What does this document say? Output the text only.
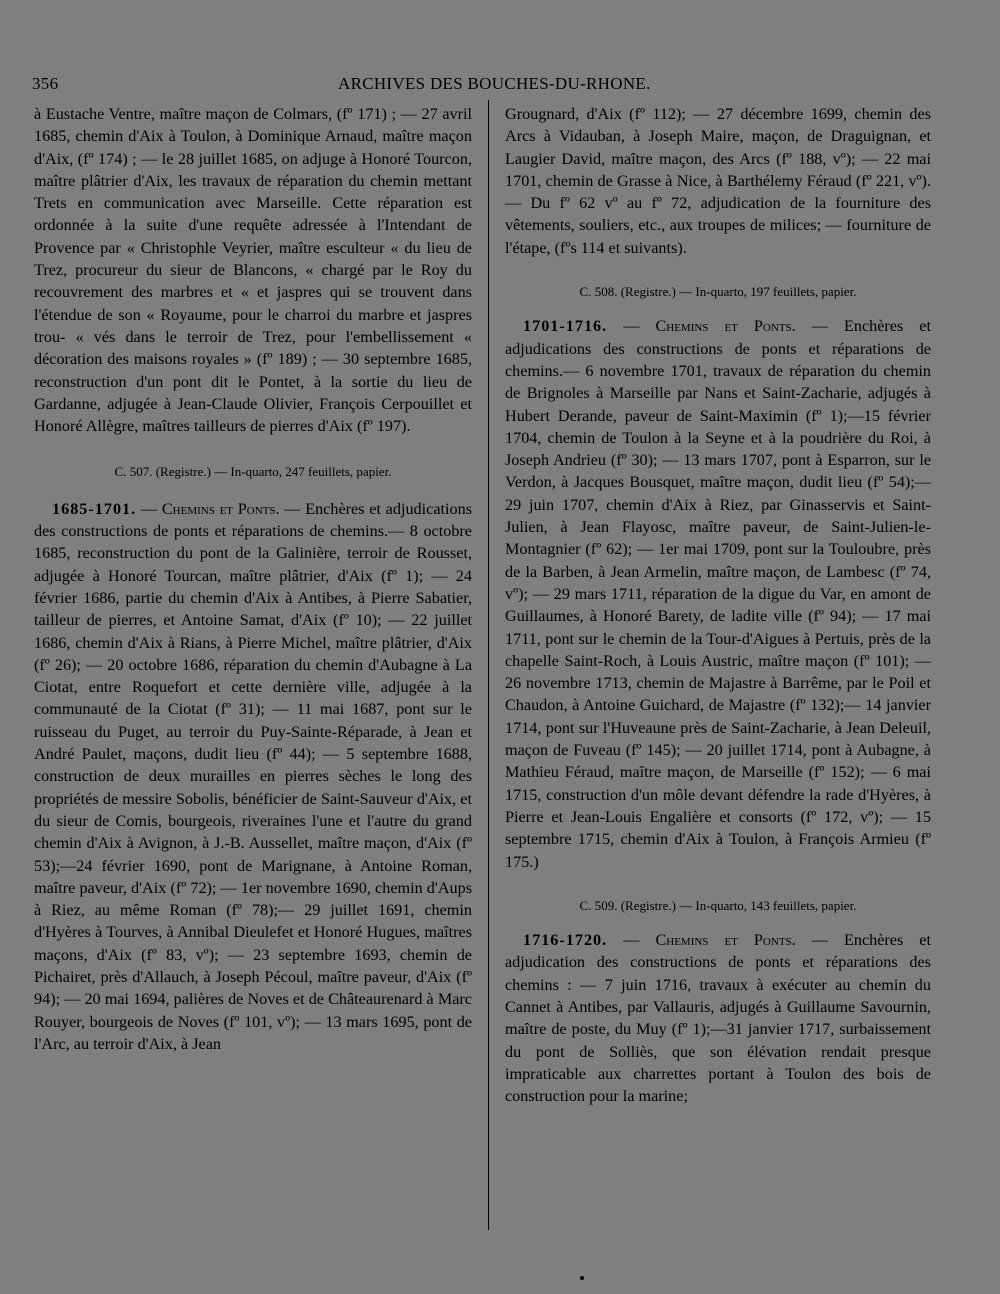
356	ARCHIVES DES BOUCHES-DU-RHONE.

à Eustache Ventre, maître maçon de Colmars, (fº 171) ; — 27 avril 1685, chemin d'Aix à Toulon, à Dominique Arnaud, maître maçon d'Aix, (fº 174) ; — le 28 juillet 1685, on adjuge à Honoré Tourcon, maître plâtrier d'Aix, les travaux de réparation du chemin mettant Trets en communication avec Marseille. Cette réparation est ordonnée à la suite d'une requête adressée à l'Intendant de Provence par « Christophle Veyrier, maître esculteur « du lieu de Trez, procureur du sieur de Blancons, « chargé par le Roy du recouvrement des marbres et « et jaspres qui se trouvent dans l'étendue de son « Royaume, pour le charroi du marbre et jaspres trou- « vés dans le terroir de Trez, pour l'embellissement « décoration des maisons royales » (fº 189) ; — 30 septembre 1685, reconstruction d'un pont dit le Pontet, à la sortie du lieu de Gardanne, adjugée à Jean-Claude Olivier, François Cerpouillet et Honoré Allègre, maîtres tailleurs de pierres d'Aix (fº 197).

C. 507. (Registre.) — In-quarto, 247 feuillets, papier.

1685-1701. — Chemins et Ponts. — Enchères et adjudications des constructions de ponts et réparations de chemins.— 8 octobre 1685, reconstruction du pont de la Galinière, terroir de Rousset, adjugée à Honoré Tourcan, maître plâtrier, d'Aix (fº 1); — 24 février 1686, partie du chemin d'Aix à Antibes, à Pierre Sabatier, tailleur de pierres, et Antoine Samat, d'Aix (fº 10); — 22 juillet 1686, chemin d'Aix à Rians, à Pierre Michel, maître plâtrier, d'Aix (fº 26); — 20 octobre 1686, réparation du chemin d'Aubagne à La Ciotat, entre Roquefort et cette dernière ville, adjugée à la communauté de la Ciotat (fº 31); — 11 mai 1687, pont sur le ruisseau du Puget, au terroir du Puy-Sainte-Réparade, à Jean et André Paulet, maçons, dudit lieu (fº 44); — 5 septembre 1688, construction de deux murailles en pierres sèches le long des propriétés de messire Sobolis, bénéficier de Saint-Sauveur d'Aix, et du sieur de Comis, bourgeois, riveraines l'une et l'autre du grand chemin d'Aix à Avignon, à J.-B. Aussellet, maître maçon, d'Aix (fº 53);—24 février 1690, pont de Marignane, à Antoine Roman, maître paveur, d'Aix (fº 72); — 1er novembre 1690, chemin d'Aups à Riez, au même Roman (fº 78);— 29 juillet 1691, chemin d'Hyères à Tourves, à Annibal Dieulefet et Honoré Hugues, maîtres maçons, d'Aix (fº 83, vº); — 23 septembre 1693, chemin de Pichairet, près d'Allauch, à Joseph Pécoul, maître paveur, d'Aix (fº 94); — 20 mai 1694, palières de Noves et de Châteaurenard à Marc Rouyer, bourgeois de Noves (fº 101, vº); — 13 mars 1695, pont de l'Arc, au terroir d'Aix, à Jean

Grougnard, d'Aix (fº 112); — 27 décembre 1699, chemin des Arcs à Vidauban, à Joseph Maire, maçon, de Draguignan, et Laugier David, maître maçon, des Arcs (fº 188, vº); — 22 mai 1701, chemin de Grasse à Nice, à Barthélemy Féraud (fº 221, vº). — Du fº 62 vº au fº 72, adjudication de la fourniture des vêtements, souliers, etc., aux troupes de milices; — fourniture de l'étape, (fºs 114 et suivants).

C. 508. (Registre.) — In-quarto, 197 feuillets, papier.

1701-1716. — Chemins et Ponts. — Enchères et adjudications des constructions de ponts et réparations de chemins.— 6 novembre 1701, travaux de réparation du chemin de Brignoles à Marseille par Nans et Saint-Zacharie, adjugés à Hubert Derande, paveur de Saint-Maximin (fº 1);—15 février 1704, chemin de Toulon à la Seyne et à la poudrière du Roi, à Joseph Andrieu (fº 30); — 13 mars 1707, pont à Esparron, sur le Verdon, à Jacques Bousquet, maître maçon, dudit lieu (fº 54);— 29 juin 1707, chemin d'Aix à Riez, par Ginasservis et Saint-Julien, à Jean Flayosc, maître paveur, de Saint-Julien-le-Montagnier (fº 62); — 1er mai 1709, pont sur la Touloubre, près de la Barben, à Jean Armelin, maître maçon, de Lambesc (fº 74, vº); — 29 mars 1711, réparation de la digue du Var, en amont de Guillaumes, à Honoré Barety, de ladite ville (fº 94); — 17 mai 1711, pont sur le chemin de la Tour-d'Aigues à Pertuis, près de la chapelle Saint-Roch, à Louis Austric, maître maçon (fº 101); — 26 novembre 1713, chemin de Majastre à Barrême, par le Poil et Chaudon, à Antoine Guichard, de Majastre (fº 132);— 14 janvier 1714, pont sur l'Huveaune près de Saint-Zacharie, à Jean Deleuil, maçon de Fuveau (fº 145); — 20 juillet 1714, pont à Aubagne, à Mathieu Féraud, maître maçon, de Marseille (fº 152); — 6 mai 1715, construction d'un môle devant défendre la rade d'Hyères, à Pierre et Jean-Louis Engalière et consorts (fº 172, vº); — 15 septembre 1715, chemin d'Aix à Toulon, à François Armieu (fº 175.)

C. 509. (Registre.) — In-quarto, 143 feuillets, papier.

1716-1720. — Chemins et Ponts. — Enchères et adjudication des constructions de ponts et réparations des chemins : — 7 juin 1716, travaux à exécuter au chemin du Cannet à Antibes, par Vallauris, adjugés à Guillaume Savournin, maître de poste, du Muy (fº 1);—31 janvier 1717, surbaissement du pont de Solliès, que son élévation rendait presque impraticable aux charrettes portant à Toulon des bois de construction pour la marine;
